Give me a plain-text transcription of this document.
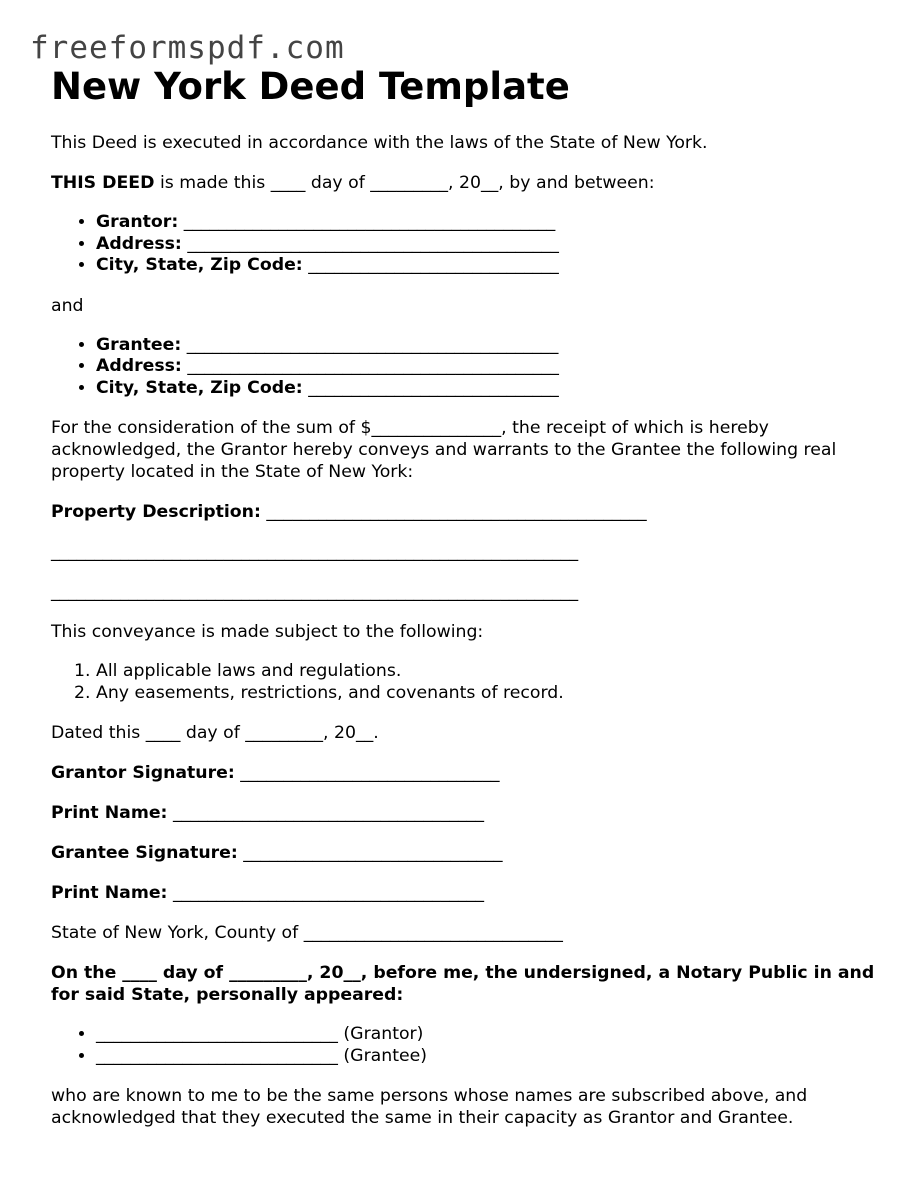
freeformspdf.com
New York Deed Template

This Deed is executed in accordance with the laws of the State of New York.

THIS DEED is made this ____ day of _________, 20__, by and between:

• Grantor: ___________________________________________
• Address: ___________________________________________
• City, State, Zip Code: _____________________________

and

• Grantee: ___________________________________________
• Address: ___________________________________________
• City, State, Zip Code: _____________________________

For the consideration of the sum of $_______________, the receipt of which is hereby acknowledged, the Grantor hereby conveys and warrants to the Grantee the following real property located in the State of New York:

Property Description: ____________________________________________

_____________________________________________________________

_____________________________________________________________

This conveyance is made subject to the following:

1. All applicable laws and regulations.
2. Any easements, restrictions, and covenants of record.

Dated this ____ day of _________, 20__.

Grantor Signature: ______________________________

Print Name: ____________________________________

Grantee Signature: ______________________________

Print Name: ____________________________________

State of New York, County of ______________________________

On the ____ day of _________, 20__, before me, the undersigned, a Notary Public in and for said State, personally appeared:

• ____________________________ (Grantor)
• ____________________________ (Grantee)

who are known to me to be the same persons whose names are subscribed above, and acknowledged that they executed the same in their capacity as Grantor and Grantee.
